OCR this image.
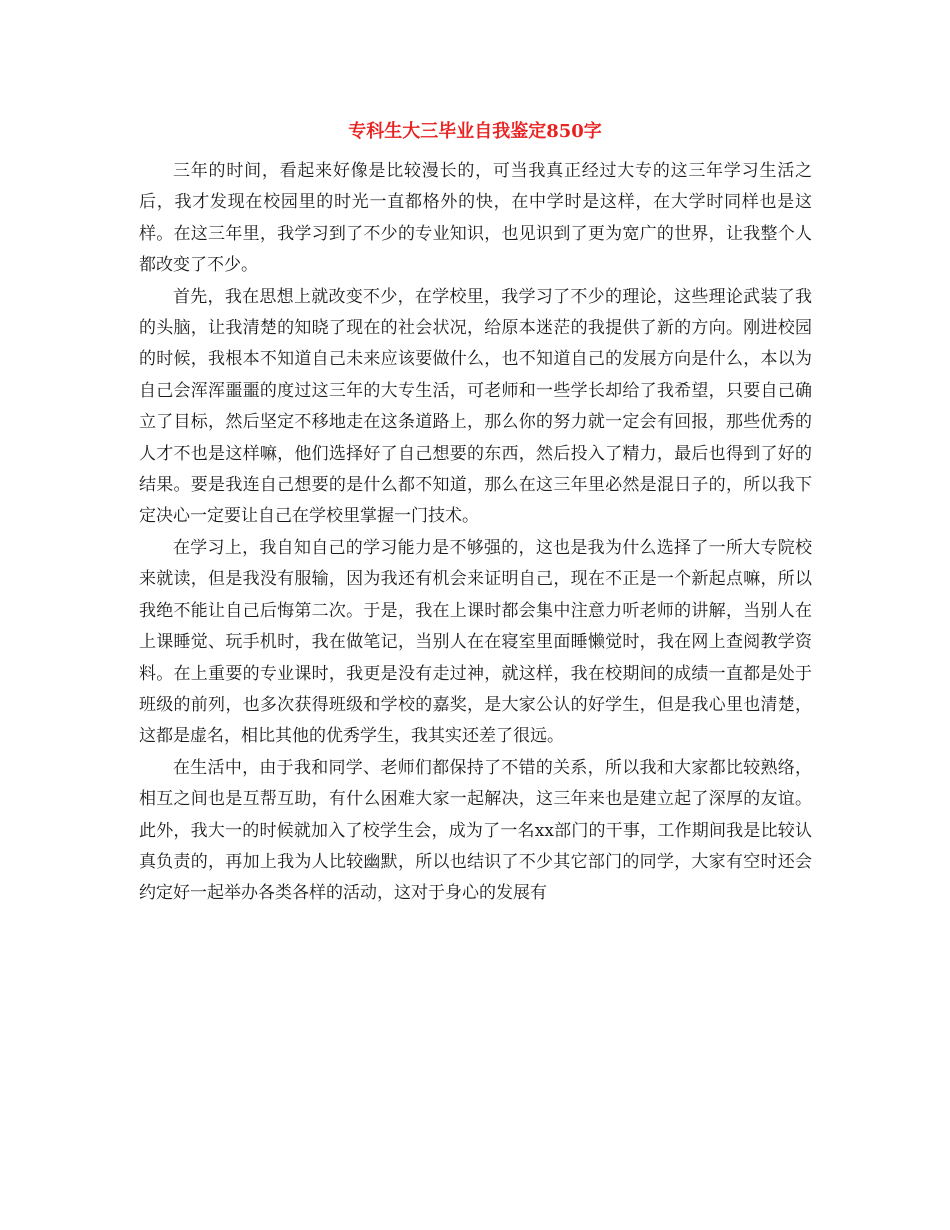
专科生大三毕业自我鉴定850字

三年的时间，看起来好像是比较漫长的，可当我真正经过大专的这三年学习生活之后，我才发现在校园里的时光一直都格外的快，在中学时是这样，在大学时同样也是这样。在这三年里，我学习到了不少的专业知识，也见识到了更为宽广的世界，让我整个人都改变了不少。

首先，我在思想上就改变不少，在学校里，我学习了不少的理论，这些理论武装了我的头脑，让我清楚的知晓了现在的社会状况，给原本迷茫的我提供了新的方向。刚进校园的时候，我根本不知道自己未来应该要做什么，也不知道自己的发展方向是什么，本以为自己会浑浑噩噩的度过这三年的大专生活，可老师和一些学长却给了我希望，只要自己确立了目标，然后坚定不移地走在这条道路上，那么你的努力就一定会有回报，那些优秀的人才不也是这样嘛，他们选择好了自己想要的东西，然后投入了精力，最后也得到了好的结果。要是我连自己想要的是什么都不知道，那么在这三年里必然是混日子的，所以我下定决心一定要让自己在学校里掌握一门技术。

在学习上，我自知自己的学习能力是不够强的，这也是我为什么选择了一所大专院校来就读，但是我没有服输，因为我还有机会来证明自己，现在不正是一个新起点嘛，所以我绝不能让自己后悔第二次。于是，我在上课时都会集中注意力听老师的讲解，当别人在上课睡觉、玩手机时，我在做笔记，当别人在在寝室里面睡懒觉时，我在网上查阅教学资料。在上重要的专业课时，我更是没有走过神，就这样，我在校期间的成绩一直都是处于班级的前列，也多次获得班级和学校的嘉奖，是大家公认的好学生，但是我心里也清楚，这都是虚名，相比其他的优秀学生，我其实还差了很远。

在生活中，由于我和同学、老师们都保持了不错的关系，所以我和大家都比较熟络，相互之间也是互帮互助，有什么困难大家一起解决，这三年来也是建立起了深厚的友谊。此外，我大一的时候就加入了校学生会，成为了一名xx部门的干事，工作期间我是比较认真负责的，再加上我为人比较幽默，所以也结识了不少其它部门的同学，大家有空时还会约定好一起举办各类各样的活动，这对于身心的发展有
